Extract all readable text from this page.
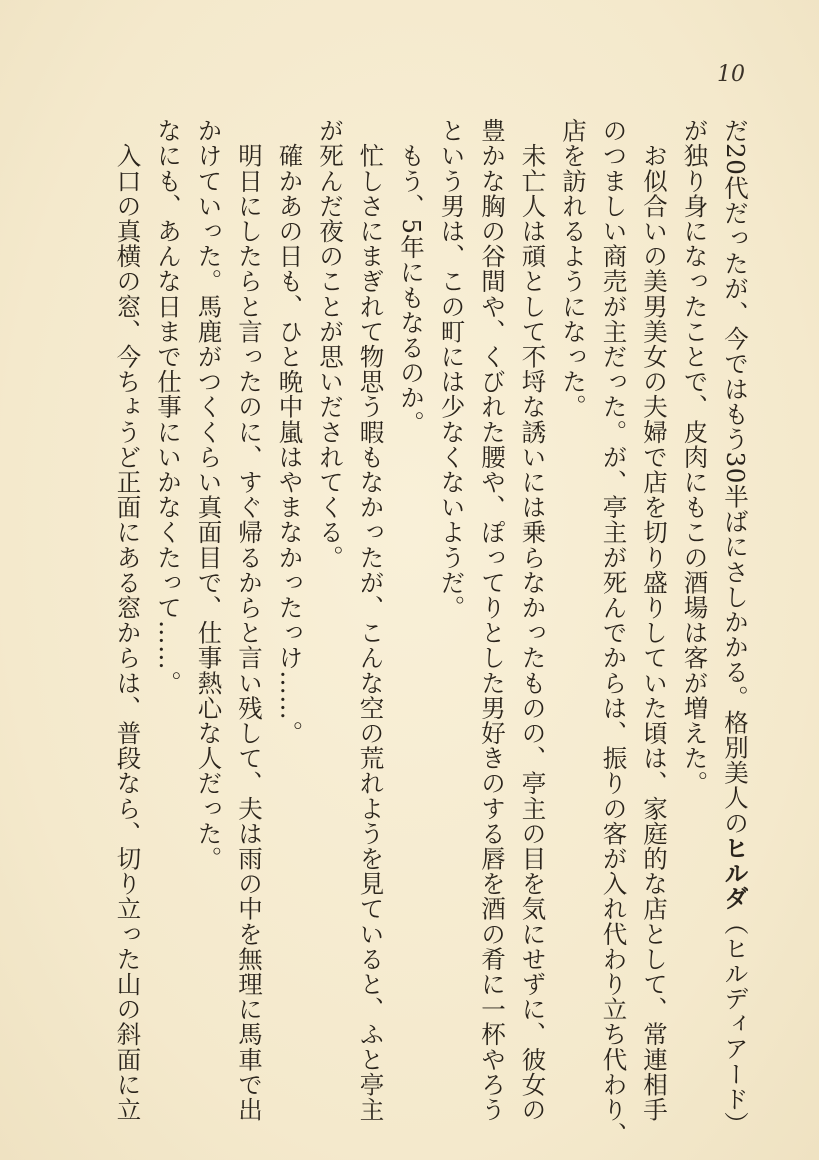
10
だ20代だったが、今ではもう30半ばにさしかかる。格別美人のヒルダ（ヒルディアード）
が独り身になったことで、皮肉にもこの酒場は客が増えた。
　お似合いの美男美女の夫婦で店を切り盛りしていた頃は、家庭的な店として、常連相手
のつましい商売が主だった。が、亭主が死んでからは、振りの客が入れ代わり立ち代わり、
店を訪れるようになった。
　未亡人は頑として不埒な誘いには乗らなかったものの、亭主の目を気にせずに、彼女の
豊かな胸の谷間や、くびれた腰や、ぽってりとした男好きのする唇を酒の肴に一杯やろう
という男は、この町には少なくないようだ。
　もう、5年にもなるのか。
　忙しさにまぎれて物思う暇もなかったが、こんな空の荒れようを見ていると、ふと亭主
が死んだ夜のことが思いだされてくる。
　確かあの日も、ひと晩中嵐はやまなかったっけ……。
　明日にしたらと言ったのに、すぐ帰るからと言い残して、夫は雨の中を無理に馬車で出
かけていった。馬鹿がつくくらい真面目で、仕事熱心な人だった。
なにも、あんな日まで仕事にいかなくたって……。
　入口の真横の窓、今ちょうど正面にある窓からは、普段なら、切り立った山の斜面に立
